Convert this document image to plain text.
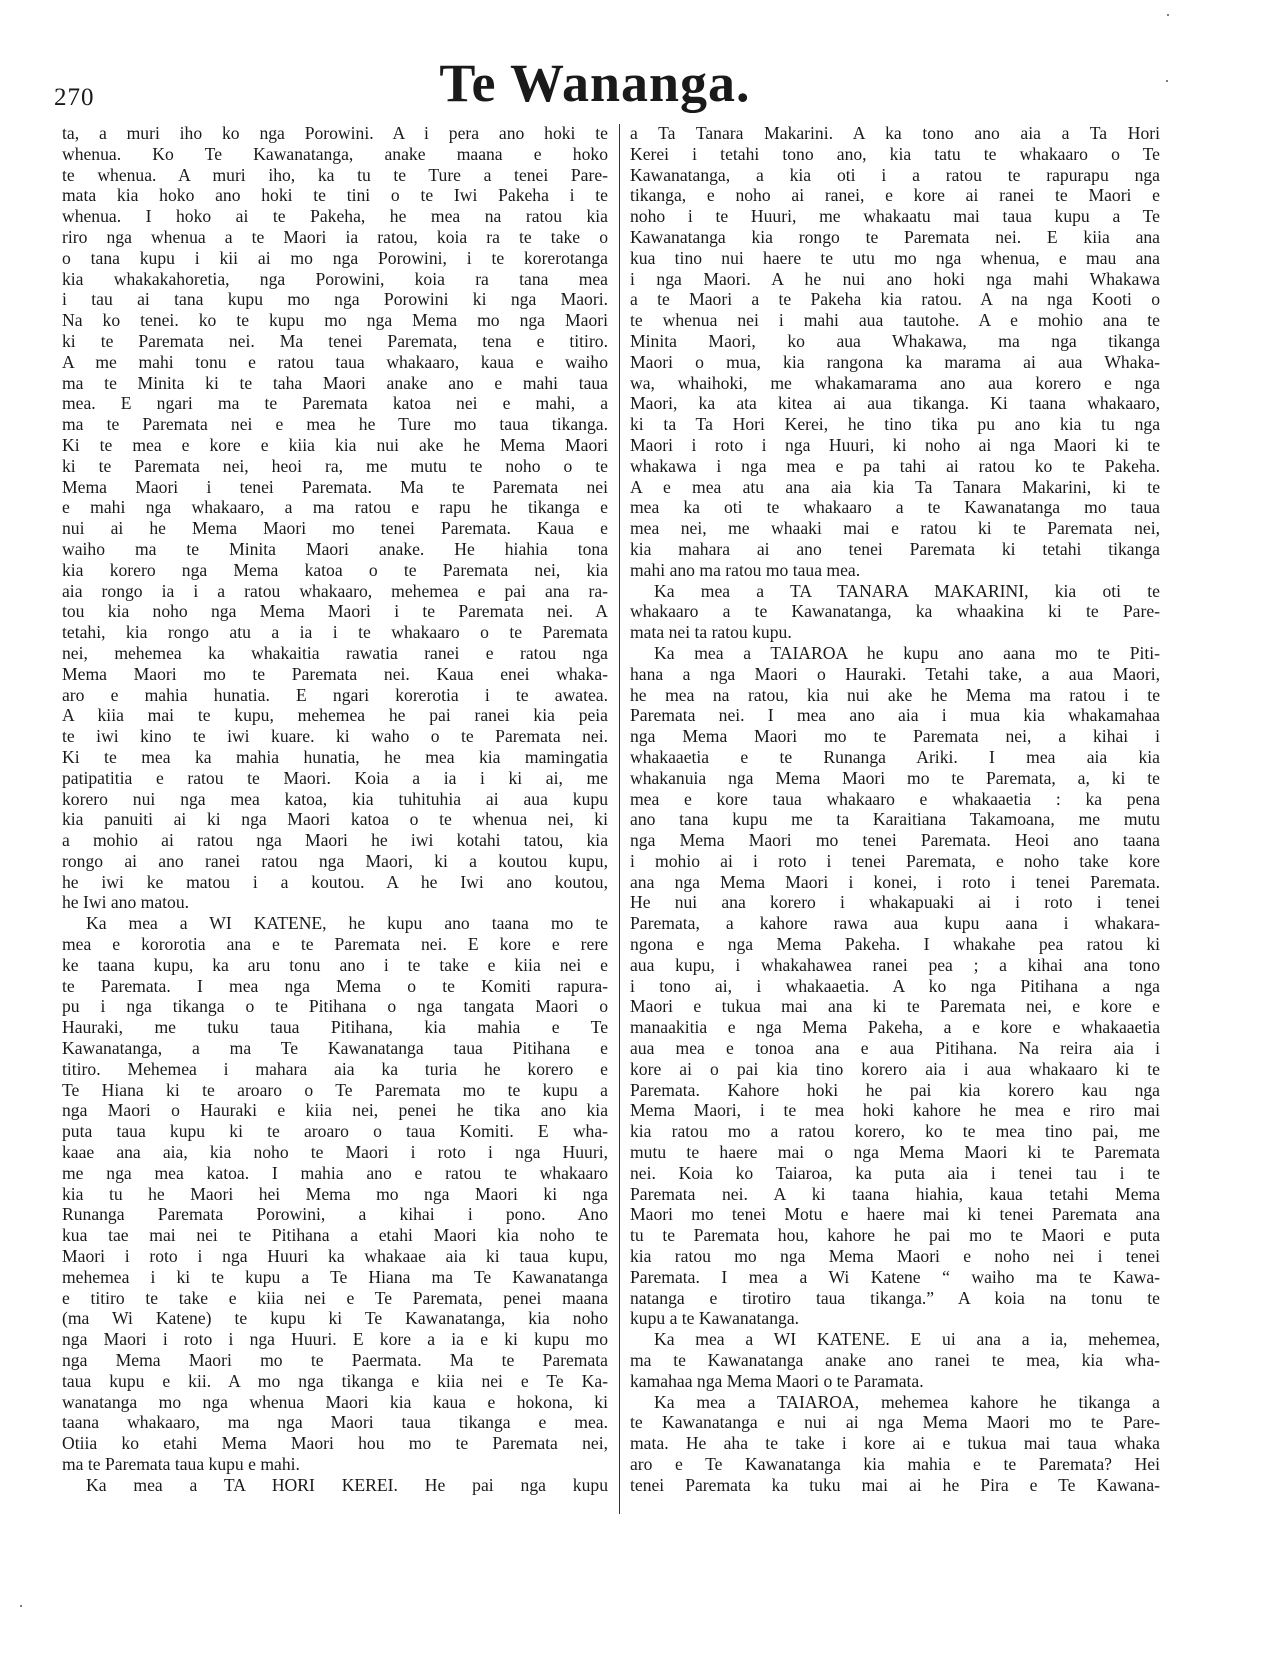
270	Te Wananga.
ta, a muri iho ko nga Porowini. A i pera ano hoki te
whenua. Ko Te Kawanatanga, anake maana e hoko
te whenua. A muri iho, ka tu te Ture a tenei Pare-
mata kia hoko ano hoki te tini o te Iwi Pakeha i te
whenua. I hoko ai te Pakeha, he mea na ratou kia
riro nga whenua a te Maori ia ratou, koia ra te take o
o tana kupu i kii ai mo nga Porowini, i te korerotanga
kia whakakahoretia, nga Porowini, koia ra tana mea
i tau ai tana kupu mo nga Porowini ki nga Maori.
Na ko tenei. ko te kupu mo nga Mema mo nga Maori
ki te Paremata nei. Ma tenei Paremata, tena e titiro.
A me mahi tonu e ratou taua whakaaro, kaua e waiho
ma te Minita ki te taha Maori anake ano e mahi taua
mea. E ngari ma te Paremata katoa nei e mahi, a
ma te Paremata nei e mea he Ture mo taua tikanga.
Ki te mea e kore e kiia kia nui ake he Mema Maori
ki te Paremata nei, heoi ra, me mutu te noho o te
Mema Maori i tenei Paremata. Ma te Paremata nei
e mahi nga whakaaro, a ma ratou e rapu he tikanga e
nui ai he Mema Maori mo tenei Paremata. Kaua e
waiho ma te Minita Maori anake. He hiahia tona
kia korero nga Mema katoa o te Paremata nei, kia
aia rongo ia i a ratou whakaaro, mehemea e pai ana ra-
tou kia noho nga Mema Maori i te Paremata nei. A
tetahi, kia rongo atu a ia i te whakaaro o te Paremata
nei, mehemea ka whakaitia rawatia ranei e ratou nga
Mema Maori mo te Paremata nei. Kaua enei whaka-
aro e mahia hunatia. E ngari korerotia i te awatea.
A kiia mai te kupu, mehemea he pai ranei kia peia
te iwi kino te iwi kuare. ki waho o te Paremata nei.
Ki te mea ka mahia hunatia, he mea kia mamingatia
patipatitia e ratou te Maori. Koia a ia i ki ai, me
korero nui nga mea katoa, kia tuhituhia ai aua kupu
kia panuiti ai ki nga Maori katoa o te whenua nei, ki
a mohio ai ratou nga Maori he iwi kotahi tatou, kia
rongo ai ano ranei ratou nga Maori, ki a koutou kupu,
he iwi ke matou i a koutou. A he Iwi ano koutou,
he Iwi ano matou.
Ka mea a WI KATENE, he kupu ano taana mo te
mea e kororotia ana e te Paremata nei. E kore e rere
ke taana kupu, ka aru tonu ano i te take e kiia nei e
te Paremata. I mea nga Mema o te Komiti rapura-
pu i nga tikanga o te Pitihana o nga tangata Maori o
Hauraki, me tuku taua Pitihana, kia mahia e Te
Kawanatanga, a ma Te Kawanatanga taua Pitihana e
titiro. Mehemea i mahara aia ka turia he korero e
Te Hiana ki te aroaro o Te Paremata mo te kupu a
nga Maori o Hauraki e kiia nei, penei he tika ano kia
puta taua kupu ki te aroaro o taua Komiti. E wha-
kaae ana aia, kia noho te Maori i roto i nga Huuri,
me nga mea katoa. I mahia ano e ratou te whakaaro
kia tu he Maori hei Mema mo nga Maori ki nga
Runanga Paremata Porowini, a kihai i pono. Ano
kua tae mai nei te Pitihana a etahi Maori kia noho te
Maori i roto i nga Huuri ka whakaae aia ki taua kupu,
mehemea i ki te kupu a Te Hiana ma Te Kawanatanga
e titiro te take e kiia nei e Te Paremata, penei maana
(ma Wi Katene) te kupu ki Te Kawanatanga, kia noho
nga Maori i roto i nga Huuri. E kore a ia e ki kupu mo
nga Mema Maori mo te Paermata. Ma te Paremata
taua kupu e kii. A mo nga tikanga e kiia nei e Te Ka-
wanatanga mo nga whenua Maori kia kaua e hokona, ki
taana whakaaro, ma nga Maori taua tikanga e mea.
Otiia ko etahi Mema Maori hou mo te Paremata nei,
ma te Paremata taua kupu e mahi.
Ka mea a TA HORI KEREI. He pai nga kupu
a Ta Tanara Makarini. A ka tono ano aia a Ta Hori
Kerei i tetahi tono ano, kia tatu te whakaaro o Te
Kawanatanga, a kia oti i a ratou te rapurapu nga
tikanga, e noho ai ranei, e kore ai ranei te Maori e
noho i te Huuri, me whakaatu mai taua kupu a Te
Kawanatanga kia rongo te Paremata nei. E kiia ana
kua tino nui haere te utu mo nga whenua, e mau ana
i nga Maori. A he nui ano hoki nga mahi Whakawa
a te Maori a te Pakeha kia ratou. A na nga Kooti o
te whenua nei i mahi aua tautohe. A e mohio ana te
Minita Maori, ko aua Whakawa, ma nga tikanga
Maori o mua, kia rangona ka marama ai aua Whaka-
wa, whaihoki, me whakamarama ano aua korero e nga
Maori, ka ata kitea ai aua tikanga. Ki taana whakaaro,
ki ta Ta Hori Kerei, he tino tika pu ano kia tu nga
Maori i roto i nga Huuri, ki noho ai nga Maori ki te
whakawa i nga mea e pa tahi ai ratou ko te Pakeha.
A e mea atu ana aia kia Ta Tanara Makarini, ki te
mea ka oti te whakaaro a te Kawanatanga mo taua
mea nei, me whaaki mai e ratou ki te Paremata nei,
kia mahara ai ano tenei Paremata ki tetahi tikanga
mahi ano ma ratou mo taua mea.
Ka mea a TA TANARA MAKARINI, kia oti te
whakaaro a te Kawanatanga, ka whaakina ki te Pare-
mata nei ta ratou kupu.
Ka mea a TAIAROA he kupu ano aana mo te Piti-
hana a nga Maori o Hauraki. Tetahi take, a aua Maori,
he mea na ratou, kia nui ake he Mema ma ratou i te
Paremata nei. I mea ano aia i mua kia whakamahaa
nga Mema Maori mo te Paremata nei, a kihai i
whakaaetia e te Runanga Ariki. I mea aia kia
whakanuia nga Mema Maori mo te Paremata, a, ki te
mea e kore taua whakaaro e whakaaetia : ka pena
ano tana kupu me ta Karaitiana Takamoana, me mutu
nga Mema Maori mo tenei Paremata. Heoi ano taana
i mohio ai i roto i tenei Paremata, e noho take kore
ana nga Mema Maori i konei, i roto i tenei Paremata.
He nui ana korero i whakapuaki ai i roto i tenei
Paremata, a kahore rawa aua kupu aana i whakara-
ngona e nga Mema Pakeha. I whakahe pea ratou ki
aua kupu, i whakahawea ranei pea ; a kihai ana tono
i tono ai, i whakaaetia. A ko nga Pitihana a nga
Maori e tukua mai ana ki te Paremata nei, e kore e
manaakitia e nga Mema Pakeha, a e kore e whakaaetia
aua mea e tonoa ana e aua Pitihana. Na reira aia i
kore ai o pai kia tino korero aia i aua whakaaro ki te
Paremata. Kahore hoki he pai kia korero kau nga
Mema Maori, i te mea hoki kahore he mea e riro mai
kia ratou mo a ratou korero, ko te mea tino pai, me
mutu te haere mai o nga Mema Maori ki te Paremata
nei. Koia ko Taiaroa, ka puta aia i tenei tau i te
Paremata nei. A ki taana hiahia, kaua tetahi Mema
Maori mo tenei Motu e haere mai ki tenei Paremata ana
tu te Paremata hou, kahore he pai mo te Maori e puta
kia ratou mo nga Mema Maori e noho nei i tenei
Paremata. I mea a Wi Katene “ waiho ma te Kawa-
natanga e tirotiro taua tikanga.” A koia na tonu te
kupu a te Kawanatanga.
Ka mea a WI KATENE. E ui ana a ia, mehemea,
ma te Kawanatanga anake ano ranei te mea, kia wha-
kamahaa nga Mema Maori o te Paramata.
Ka mea a TAIAROA, mehemea kahore he tikanga a
te Kawanatanga e nui ai nga Mema Maori mo te Pare-
mata. He aha te take i kore ai e tukua mai taua whaka
aro e Te Kawanatanga kia mahia e te Paremata? Hei
tenei Paremata ka tuku mai ai he Pira e Te Kawana-
